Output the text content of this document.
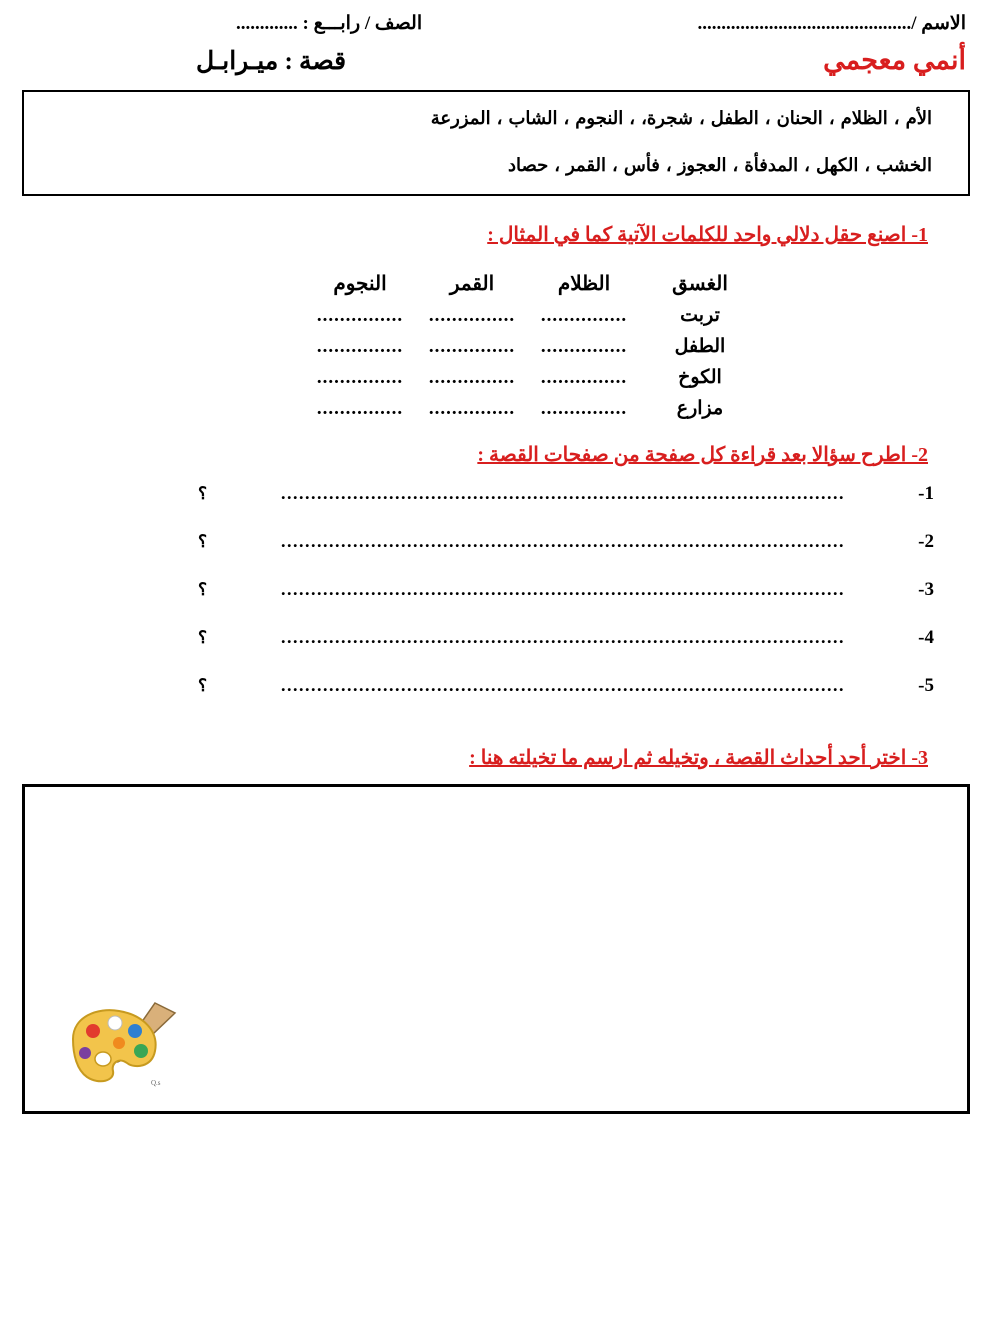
الاسم /.............................................
الصف / رابـــع : .............
أنمي معجمي
قصة : ميـرابـل
الأم
،
الظلام
،
الحنان
،
الطفل
،
شجرة،
،
النجوم
،
الشاب
،
المزرعة
الخشب
،
الكهل
،
المدفأة
،
العجوز
،
فأس
،
القمر
،
حصاد
1- اصنع حقل دلالي واحد للكلمات الآتية كما في المثال :
الغسق
الظلام
القمر
النجوم
تربت
...............
...............
...............
الطفل
...............
...............
...............
الكوخ
...............
...............
...............
مزارع
...............
...............
...............
2- اطرح سؤالا بعد قراءة كل صفحة من صفحات القصة :
1-
..............................................................................................
؟
2-
..............................................................................................
؟
3-
..............................................................................................
؟
4-
..............................................................................................
؟
5-
..............................................................................................
؟
3- اختر أحد أحداث القصة ، وتخيله ثم ارسم ما تخيلته هنا :
Q.s
